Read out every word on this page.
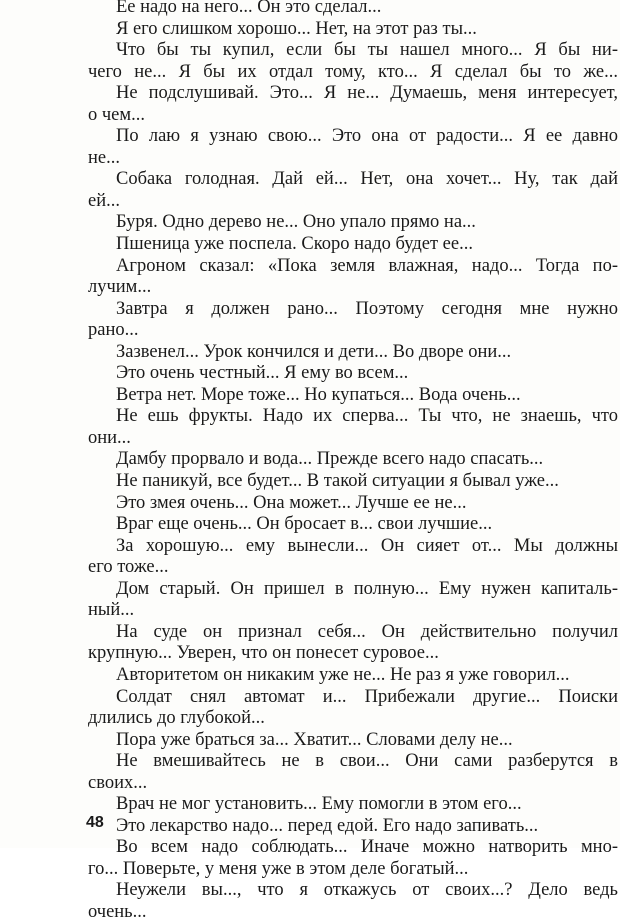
Ее надо на него... Он это сделал...
Я его слишком хорошо... Нет, на этот раз ты...
Что бы ты купил, если бы ты нашел много... Я бы ни-
чего не... Я бы их отдал тому, кто... Я сделал бы то же...
Не подслушивай. Это... Я не... Думаешь, меня интересует,
о чем...
По лаю я узнаю свою... Это она от радости... Я ее давно
не...
Собака голодная. Дай ей... Нет, она хочет... Ну, так дай
ей...
Буря. Одно дерево не... Оно упало прямо на...
Пшеница уже поспела. Скоро надо будет ее...
Агроном сказал: «Пока земля влажная, надо... Тогда по-
лучим...
Завтра я должен рано... Поэтому сегодня мне нужно
рано...
Зазвенел... Урок кончился и дети... Во дворе они...
Это очень честный... Я ему во всем...
Ветра нет. Море тоже... Но купаться... Вода очень...
Не ешь фрукты. Надо их сперва... Ты что, не знаешь, что
они...
Дамбу прорвало и вода... Прежде всего надо спасать...
Не паникуй, все будет... В такой ситуации я бывал уже...
Это змея очень... Она может... Лучше ее не...
Враг еще очень... Он бросает в... свои лучшие...
За хорошую... ему вынесли... Он сияет от... Мы должны
его тоже...
Дом старый. Он пришел в полную... Ему нужен капиталь-
ный...
На суде он признал себя... Он действительно получил
крупную... Уверен, что он понесет суровое...
Авторитетом он никаким уже не... Не раз я уже говорил...
Солдат снял автомат и... Прибежали другие... Поиски
длились до глубокой...
Пора уже браться за... Хватит... Словами делу не...
Не вмешивайтесь не в свои... Они сами разберутся в
своих...
Врач не мог установить... Ему помогли в этом его...
Это лекарство надо... перед едой. Его надо запивать...
Во всем надо соблюдать... Иначе можно натворить мно-
го... Поверьте, у меня уже в этом деле богатый...
Неужели вы..., что я откажусь от своих...? Дело ведь
очень...
48
